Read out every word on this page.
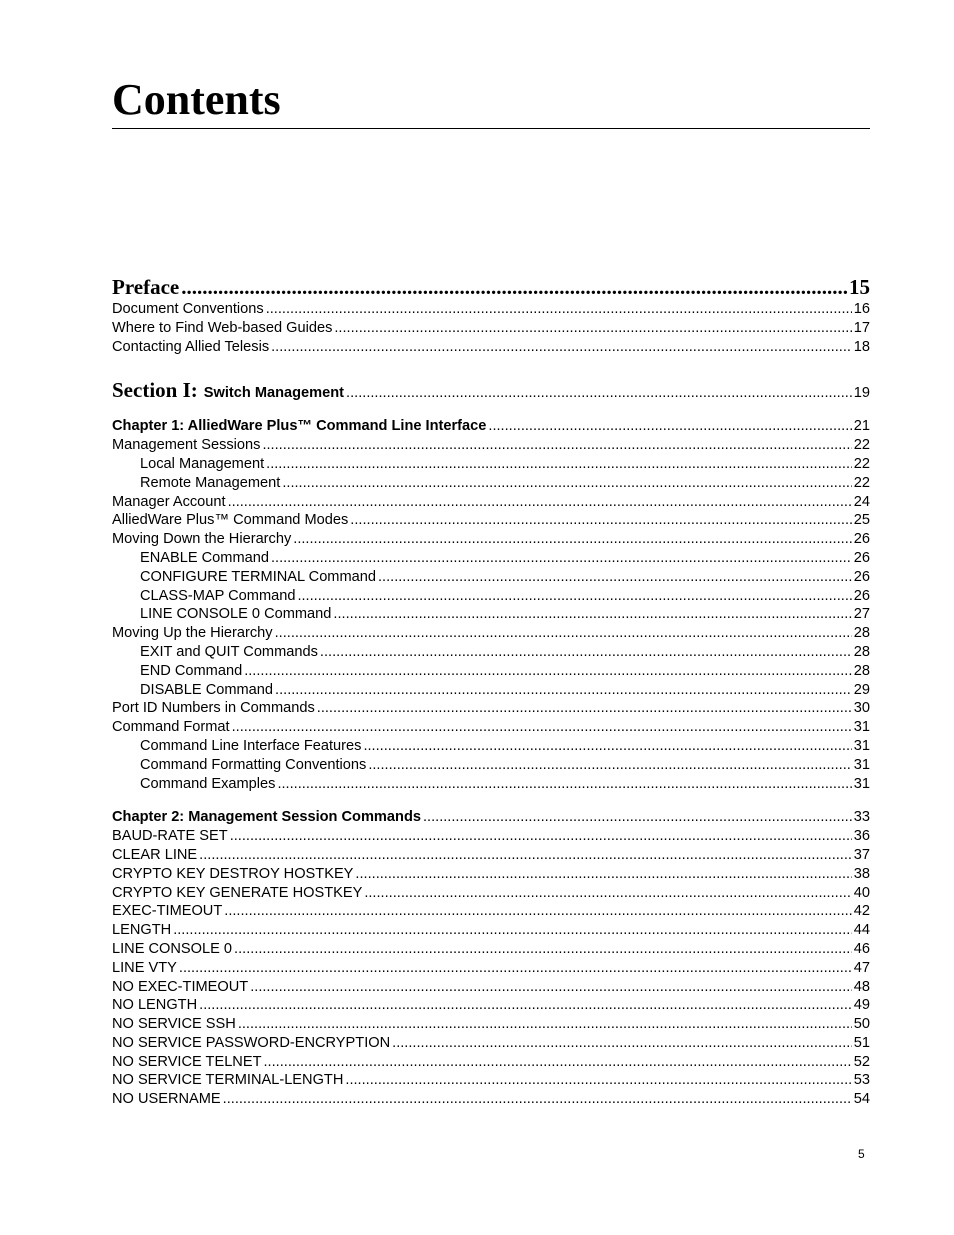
Contents
Preface .....	15
Document Conventions .....	16
Where to Find Web-based Guides .....	17
Contacting Allied Telesis .....	18
Section I: Switch Management .....	19
Chapter 1: AlliedWare Plus™ Command Line Interface .....	21
Management Sessions .....	22
Local Management .....	22
Remote Management .....	22
Manager Account .....	24
AlliedWare Plus™ Command Modes .....	25
Moving Down the Hierarchy .....	26
ENABLE Command .....	26
CONFIGURE TERMINAL Command .....	26
CLASS-MAP Command .....	26
LINE CONSOLE 0 Command .....	27
Moving Up the Hierarchy .....	28
EXIT and QUIT Commands .....	28
END Command .....	28
DISABLE Command .....	29
Port ID Numbers in Commands .....	30
Command Format .....	31
Command Line Interface Features .....	31
Command Formatting Conventions .....	31
Command Examples .....	31
Chapter 2: Management Session Commands .....	33
BAUD-RATE SET .....	36
CLEAR LINE .....	37
CRYPTO KEY DESTROY HOSTKEY .....	38
CRYPTO KEY GENERATE HOSTKEY .....	40
EXEC-TIMEOUT .....	42
LENGTH .....	44
LINE CONSOLE 0 .....	46
LINE VTY .....	47
NO EXEC-TIMEOUT .....	48
NO LENGTH .....	49
NO SERVICE SSH .....	50
NO SERVICE PASSWORD-ENCRYPTION .....	51
NO SERVICE TELNET .....	52
NO SERVICE TERMINAL-LENGTH .....	53
NO USERNAME .....	54
5
